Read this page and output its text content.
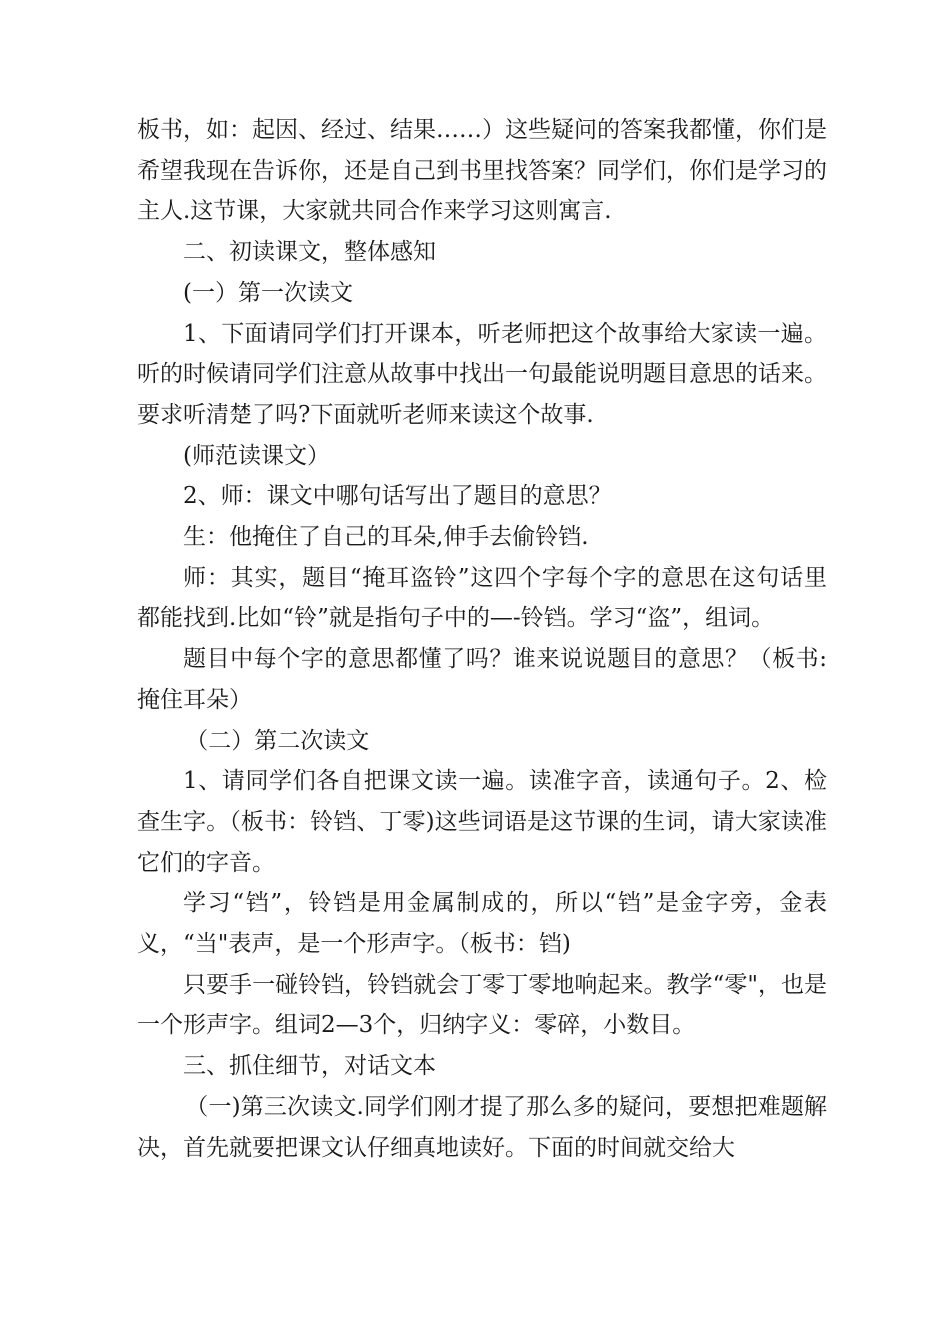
板书，如：起因、经过、结果……）这些疑问的答案我都懂，你们是希望我现在告诉你，还是自己到书里找答案？同学们，你们是学习的主人.这节课，大家就共同合作来学习这则寓言.

二、初读课文，整体感知

(一）第一次读文

1、下面请同学们打开课本，听老师把这个故事给大家读一遍。听的时候请同学们注意从故事中找出一句最能说明题目意思的话来。要求听清楚了吗?下面就听老师来读这个故事.

(师范读课文）

2、师：课文中哪句话写出了题目的意思？

生：他掩住了自己的耳朵,伸手去偷铃铛.

师：其实，题目“掩耳盗铃”这四个字每个字的意思在这句话里都能找到.比如“铃”就是指句子中的—-铃铛。学习“盗”，组词。

题目中每个字的意思都懂了吗？谁来说说题目的意思？（板书:掩住耳朵）

（二）第二次读文

1、请同学们各自把课文读一遍。读准字音，读通句子。2、检查生字。（板书：铃铛、丁零)这些词语是这节课的生词，请大家读准它们的字音。

学习“铛”，铃铛是用金属制成的，所以“铛”是金字旁，金表义，“当"表声，是一个形声字。（板书：铛)

只要手一碰铃铛，铃铛就会丁零丁零地响起来。教学“零"，也是一个形声字。组词2—3个，归纳字义：零碎，小数目。

三、抓住细节，对话文本

（一)第三次读文.同学们刚才提了那么多的疑问，要想把难题解决，首先就要把课文认仔细真地读好。下面的时间就交给大
